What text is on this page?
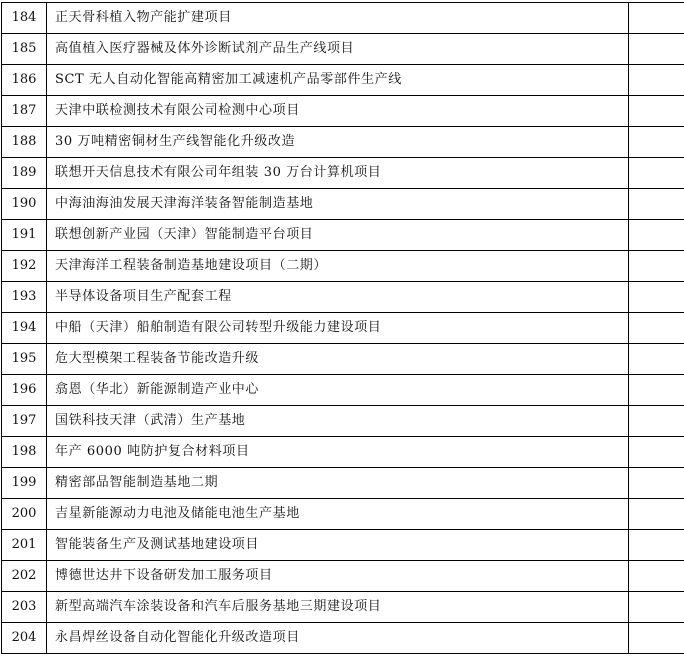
184	正天骨科植入物产能扩建项目	
185	高值植入医疗器械及体外诊断试剂产品生产线项目	
186	SCT 无人自动化智能高精密加工减速机产品零部件生产线	
187	天津中联检测技术有限公司检测中心项目	
188	30 万吨精密铜材生产线智能化升级改造	
189	联想开天信息技术有限公司年组装 30 万台计算机项目	
190	中海油海油发展天津海洋装备智能制造基地	
191	联想创新产业园（天津）智能制造平台项目	
192	天津海洋工程装备制造基地建设项目（二期）	
193	半导体设备项目生产配套工程	
194	中船（天津）船舶制造有限公司转型升级能力建设项目	
195	危大型模架工程装备节能改造升级	
196	翕恩（华北）新能源制造产业中心	
197	国铁科技天津（武清）生产基地	
198	年产 6000 吨防护复合材料项目	
199	精密部品智能制造基地二期	
200	吉星新能源动力电池及储能电池生产基地	
201	智能装备生产及测试基地建设项目	
202	博德世达井下设备研发加工服务项目	
203	新型高端汽车涂装设备和汽车后服务基地三期建设项目	
204	永昌焊丝设备自动化智能化升级改造项目	
